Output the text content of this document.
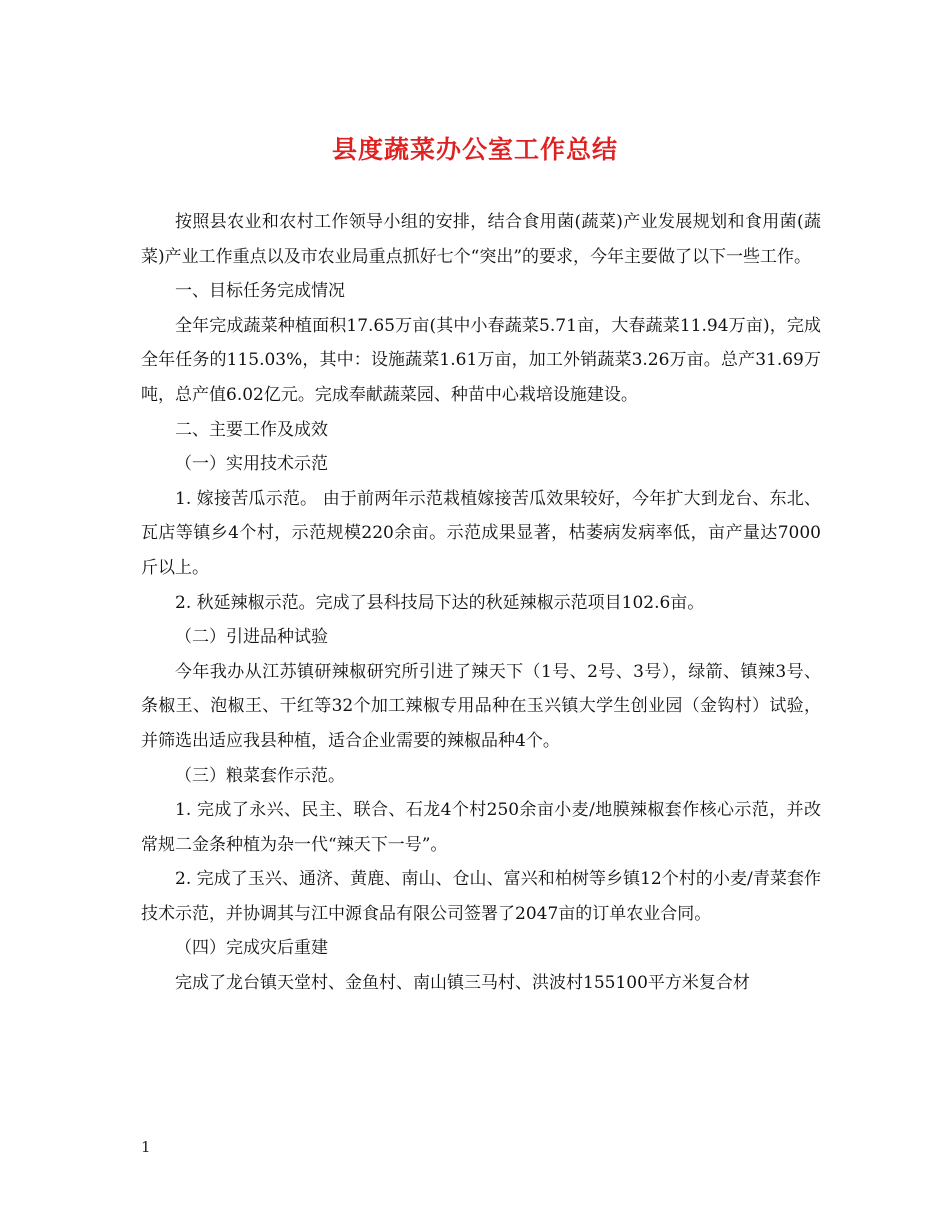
县度蔬菜办公室工作总结

按照县农业和农村工作领导小组的安排，结合食用菌(蔬菜)产业发展规划和食用菌(蔬菜)产业工作重点以及市农业局重点抓好七个“突出”的要求，今年主要做了以下一些工作。

一、目标任务完成情况

全年完成蔬菜种植面积17.65万亩(其中小春蔬菜5.71亩，大春蔬菜11.94万亩)，完成全年任务的115.03%，其中：设施蔬菜1.61万亩，加工外销蔬菜3.26万亩。总产31.69万吨，总产值6.02亿元。完成奉献蔬菜园、种苗中心栽培设施建设。

二、主要工作及成效

（一）实用技术示范

1. 嫁接苦瓜示范。 由于前两年示范栽植嫁接苦瓜效果较好，今年扩大到龙台、东北、瓦店等镇乡4个村，示范规模220余亩。示范成果显著，枯萎病发病率低，亩产量达7000斤以上。

2. 秋延辣椒示范。完成了县科技局下达的秋延辣椒示范项目102.6亩。

（二）引进品种试验

今年我办从江苏镇研辣椒研究所引进了辣天下（1号、2号、3号），绿箭、镇辣3号、条椒王、泡椒王、干红等32个加工辣椒专用品种在玉兴镇大学生创业园（金钩村）试验，并筛选出适应我县种植，适合企业需要的辣椒品种4个。

（三）粮菜套作示范。

1. 完成了永兴、民主、联合、石龙4个村250余亩小麦/地膜辣椒套作核心示范，并改常规二金条种植为杂一代“辣天下一号”。

2. 完成了玉兴、通济、黄鹿、南山、仓山、富兴和柏树等乡镇12个村的小麦/青菜套作技术示范，并协调其与江中源食品有限公司签署了2047亩的订单农业合同。

（四）完成灾后重建

完成了龙台镇天堂村、金鱼村、南山镇三马村、洪波村155100平方米复合材

1
